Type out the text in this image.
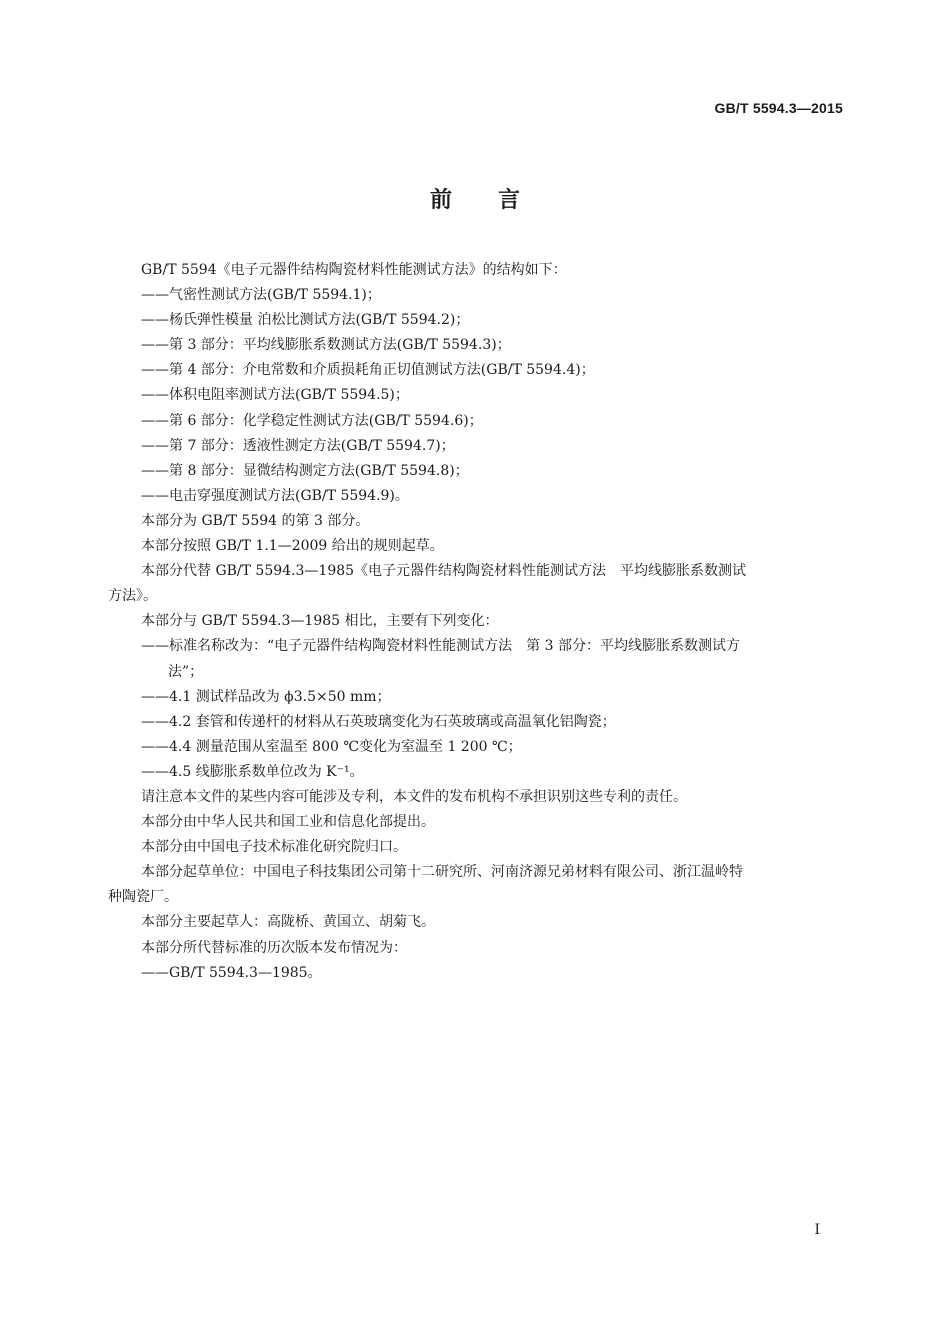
GB/T 5594.3—2015
前言
GB/T 5594《电子元器件结构陶瓷材料性能测试方法》的结构如下：
——气密性测试方法(GB/T 5594.1)；
——杨氏弹性模量 泊松比测试方法(GB/T 5594.2)；
——第 3 部分：平均线膨胀系数测试方法(GB/T 5594.3)；
——第 4 部分：介电常数和介质损耗角正切值测试方法(GB/T 5594.4)；
——体积电阻率测试方法(GB/T 5594.5)；
——第 6 部分：化学稳定性测试方法(GB/T 5594.6)；
——第 7 部分：透液性测定方法(GB/T 5594.7)；
——第 8 部分：显微结构测定方法(GB/T 5594.8)；
——电击穿强度测试方法(GB/T 5594.9)。
本部分为 GB/T 5594 的第 3 部分。
本部分按照 GB/T 1.1—2009 给出的规则起草。
本部分代替 GB/T 5594.3—1985《电子元器件结构陶瓷材料性能测试方法　平均线膨胀系数测试
方法》。
本部分与 GB/T 5594.3—1985 相比，主要有下列变化：
——标准名称改为：“电子元器件结构陶瓷材料性能测试方法　第 3 部分：平均线膨胀系数测试方
法”；
——4.1 测试样品改为 ϕ3.5×50 mm；
——4.2 套管和传递杆的材料从石英玻璃变化为石英玻璃或高温氧化铝陶瓷；
——4.4 测量范围从室温至 800 ℃变化为室温至 1 200 ℃；
——4.5 线膨胀系数单位改为 K⁻¹。
请注意本文件的某些内容可能涉及专利，本文件的发布机构不承担识别这些专利的责任。
本部分由中华人民共和国工业和信息化部提出。
本部分由中国电子技术标准化研究院归口。
本部分起草单位：中国电子科技集团公司第十二研究所、河南济源兄弟材料有限公司、浙江温岭特
种陶瓷厂。
本部分主要起草人：高陇桥、黄国立、胡菊飞。
本部分所代替标准的历次版本发布情况为：
——GB/T 5594.3—1985。
I
